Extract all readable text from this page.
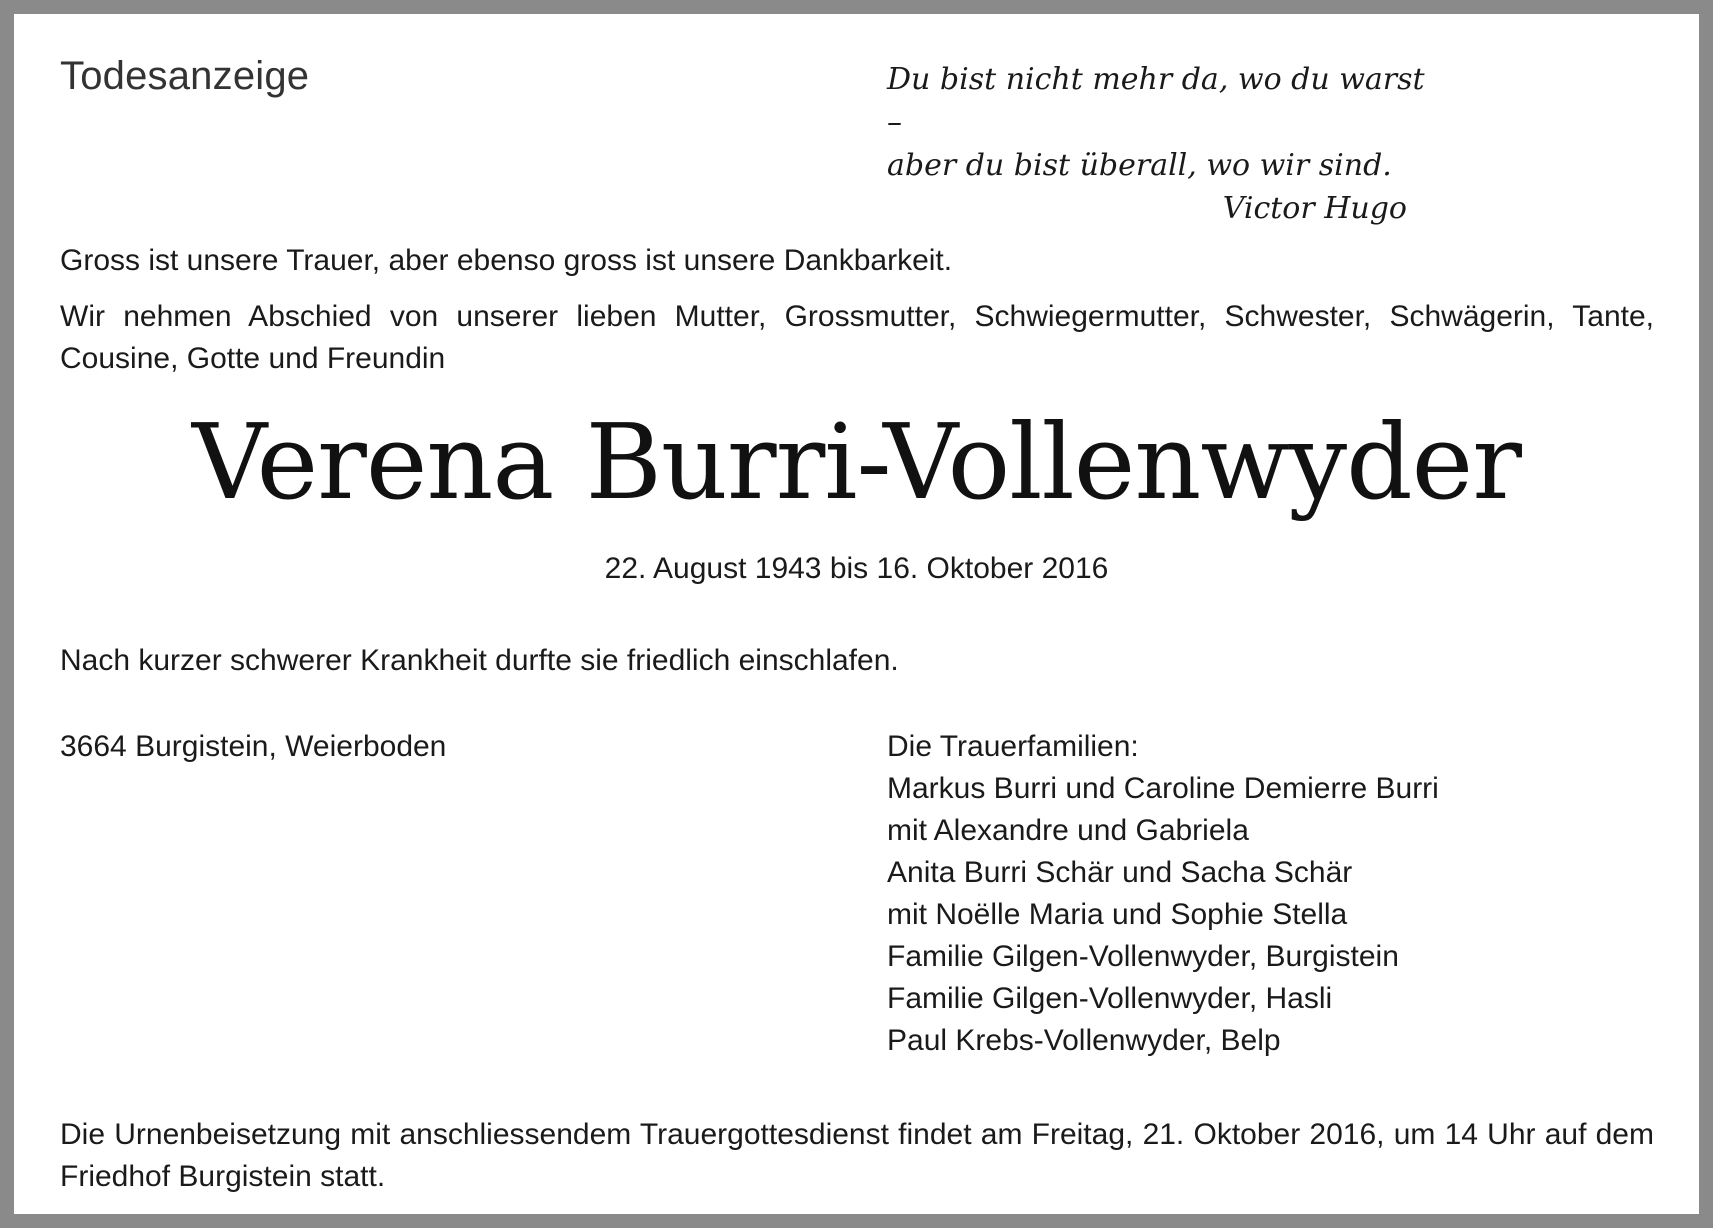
Todesanzeige	Du bist nicht mehr da, wo du warst –
aber du bist überall, wo wir sind.
Victor Hugo
Gross ist unsere Trauer, aber ebenso gross ist unsere Dankbarkeit.
Wir nehmen Abschied von unserer lieben Mutter, Grossmutter, Schwiegermutter, Schwester, Schwägerin, Tante, Cousine, Gotte und Freundin
Verena Burri-Vollenwyder
22. August 1943 bis 16. Oktober 2016
Nach kurzer schwerer Krankheit durfte sie friedlich einschlafen.
3664 Burgistein, Weierboden	Die Trauerfamilien:
Markus Burri und Caroline Demierre Burri
mit Alexandre und Gabriela
Anita Burri Schär und Sacha Schär
mit Noëlle Maria und Sophie Stella
Familie Gilgen-Vollenwyder, Burgistein
Familie Gilgen-Vollenwyder, Hasli
Paul Krebs-Vollenwyder, Belp
Die Urnenbeisetzung mit anschliessendem Trauergottesdienst findet am Freitag, 21. Oktober 2016, um 14 Uhr auf dem Friedhof Burgistein statt.
